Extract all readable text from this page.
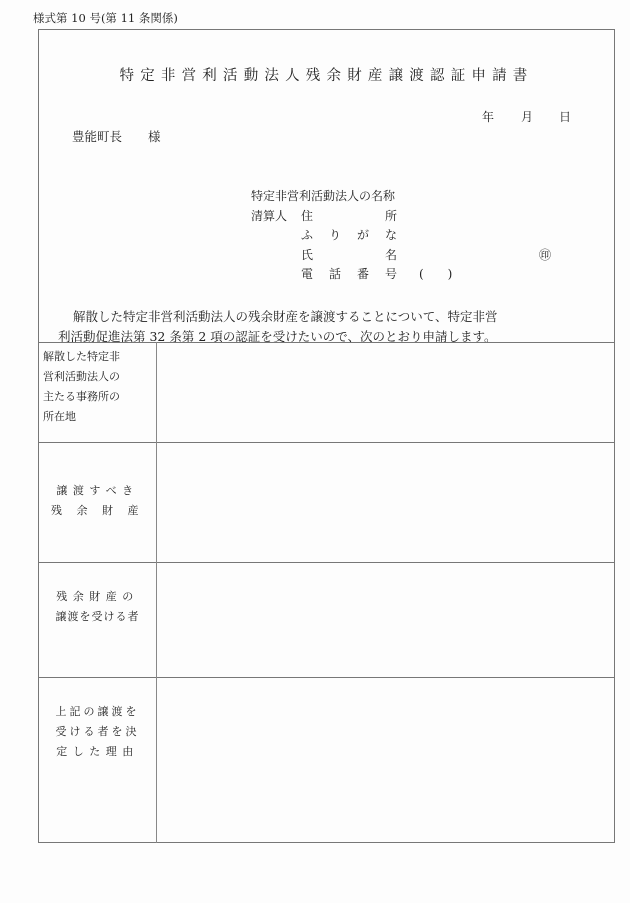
様式第 10 号(第 11 条関係)
特定非営利活動法人残余財産譲渡認証申請書
年 月 日
豊能町長 様
特定非営利活動法人の名称
清算人 住	所
ふ り が な
氏	名	㊞
電 話 番 号 (　　)
解散した特定非営利活動法人の残余財産を譲渡することについて、特定非営
利活動促進法第 32 条第 2 項の認証を受けたいので、次のとおり申請します。
解散した特定非
営利活動法人の
主たる事務所の
所在地	

譲渡すべき
残 余 財 産	

残余財産の
譲渡を受ける者	

上記の譲渡を
受ける者を決
定した理由	
